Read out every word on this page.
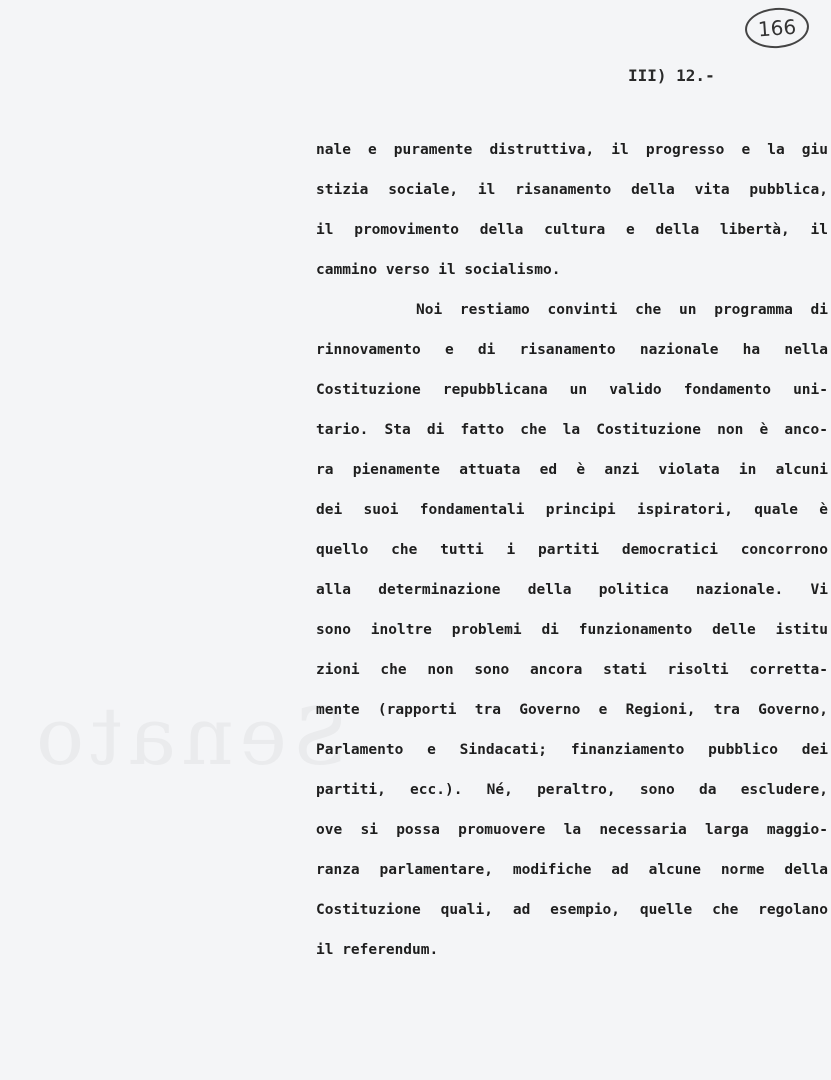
Senato
166
III) 12.-
nale e puramente distruttiva, il progresso e la giu
stizia sociale, il risanamento della vita pubblica,
il promovimento della cultura e della libertà, il
cammino verso il socialismo.
Noi restiamo convinti che un programma di
rinnovamento e di risanamento nazionale ha nella
Costituzione repubblicana un valido fondamento uni-
tario. Sta di fatto che la Costituzione non è anco-
ra pienamente attuata ed è anzi violata in alcuni
dei suoi fondamentali principi ispiratori, quale è
quello che tutti i partiti democratici concorrono
alla determinazione della politica nazionale. Vi
sono inoltre problemi di funzionamento delle istitu
zioni che non sono ancora stati risolti corretta-
mente (rapporti tra Governo e Regioni, tra Governo,
Parlamento e Sindacati; finanziamento pubblico dei
partiti, ecc.). Né, peraltro, sono da escludere,
ove si possa promuovere la necessaria larga maggio-
ranza parlamentare, modifiche ad alcune norme della
Costituzione quali, ad esempio, quelle che regolano
il referendum.
